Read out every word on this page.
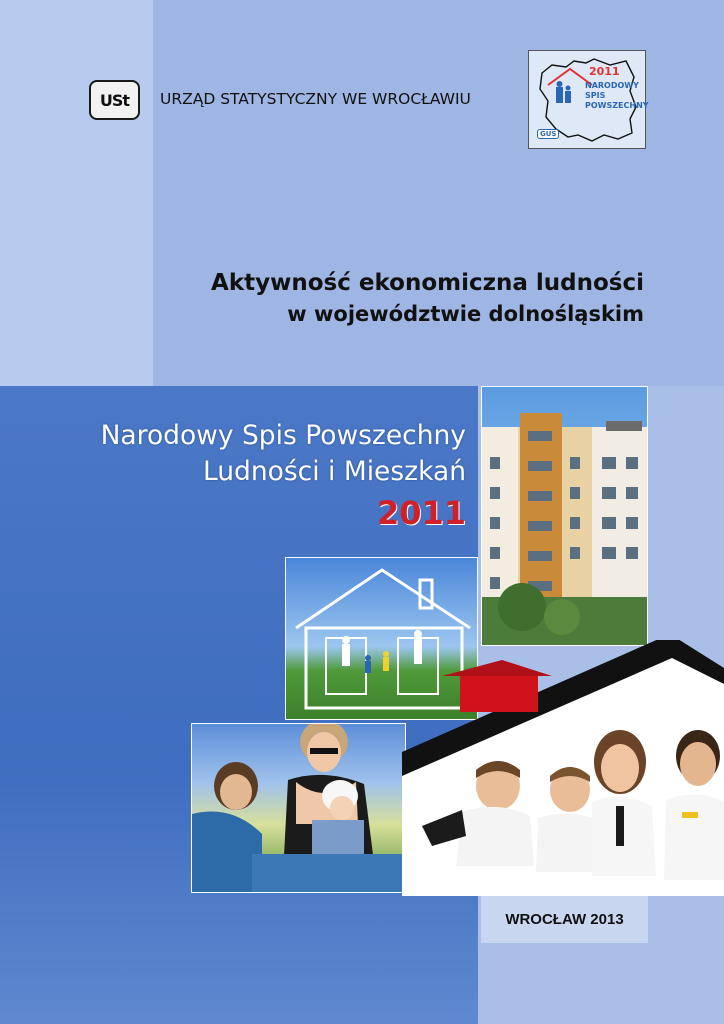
USt URZĄD STATYSTYCZNY WE WROCŁAWIU
2011
NARODOWY SPIS POWSZECHNY
GUS
Aktywność ekonomiczna ludności
w województwie dolnośląskim
Narodowy Spis Powszechny
Ludności i Mieszkań
2011
WROCŁAW 2013
